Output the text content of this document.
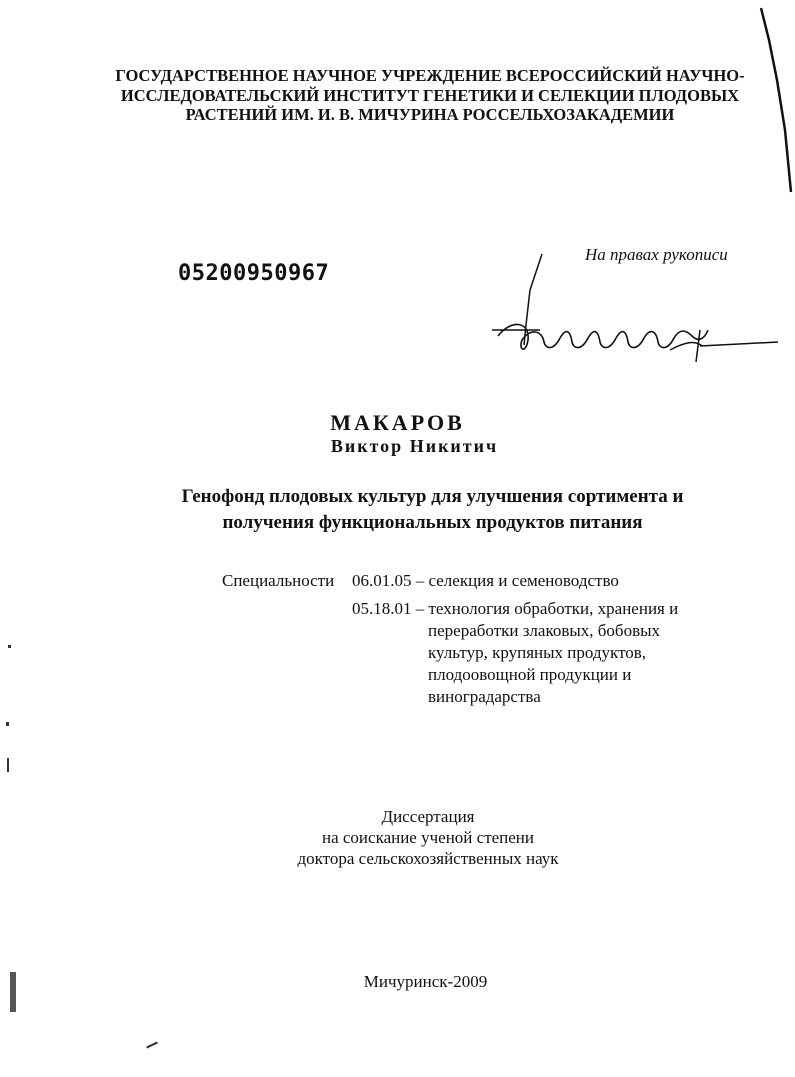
ГОСУДАРСТВЕННОЕ НАУЧНОЕ УЧРЕЖДЕНИЕ ВСЕРОССИЙСКИЙ НАУЧНО-
ИССЛЕДОВАТЕЛЬСКИЙ ИНСТИТУТ ГЕНЕТИКИ И СЕЛЕКЦИИ ПЛОДОВЫХ
РАСТЕНИЙ ИМ. И. В. МИЧУРИНА РОССЕЛЬХОЗАКАДЕМИИ
На правах рукописи
05200950967
МАКАРОВ
Виктор Никитич
Генофонд плодовых культур для улучшения сортимента и
получения функциональных продуктов питания
Специальности 06.01.05 – селекция и семеноводство
05.18.01 – технология обработки, хранения и
переработки злаковых, бобовых
культур, крупяных продуктов,
плодоовощной продукции и
виноградарства
Диссертация
на соискание ученой степени
доктора сельскохозяйственных наук
Мичуринск-2009
